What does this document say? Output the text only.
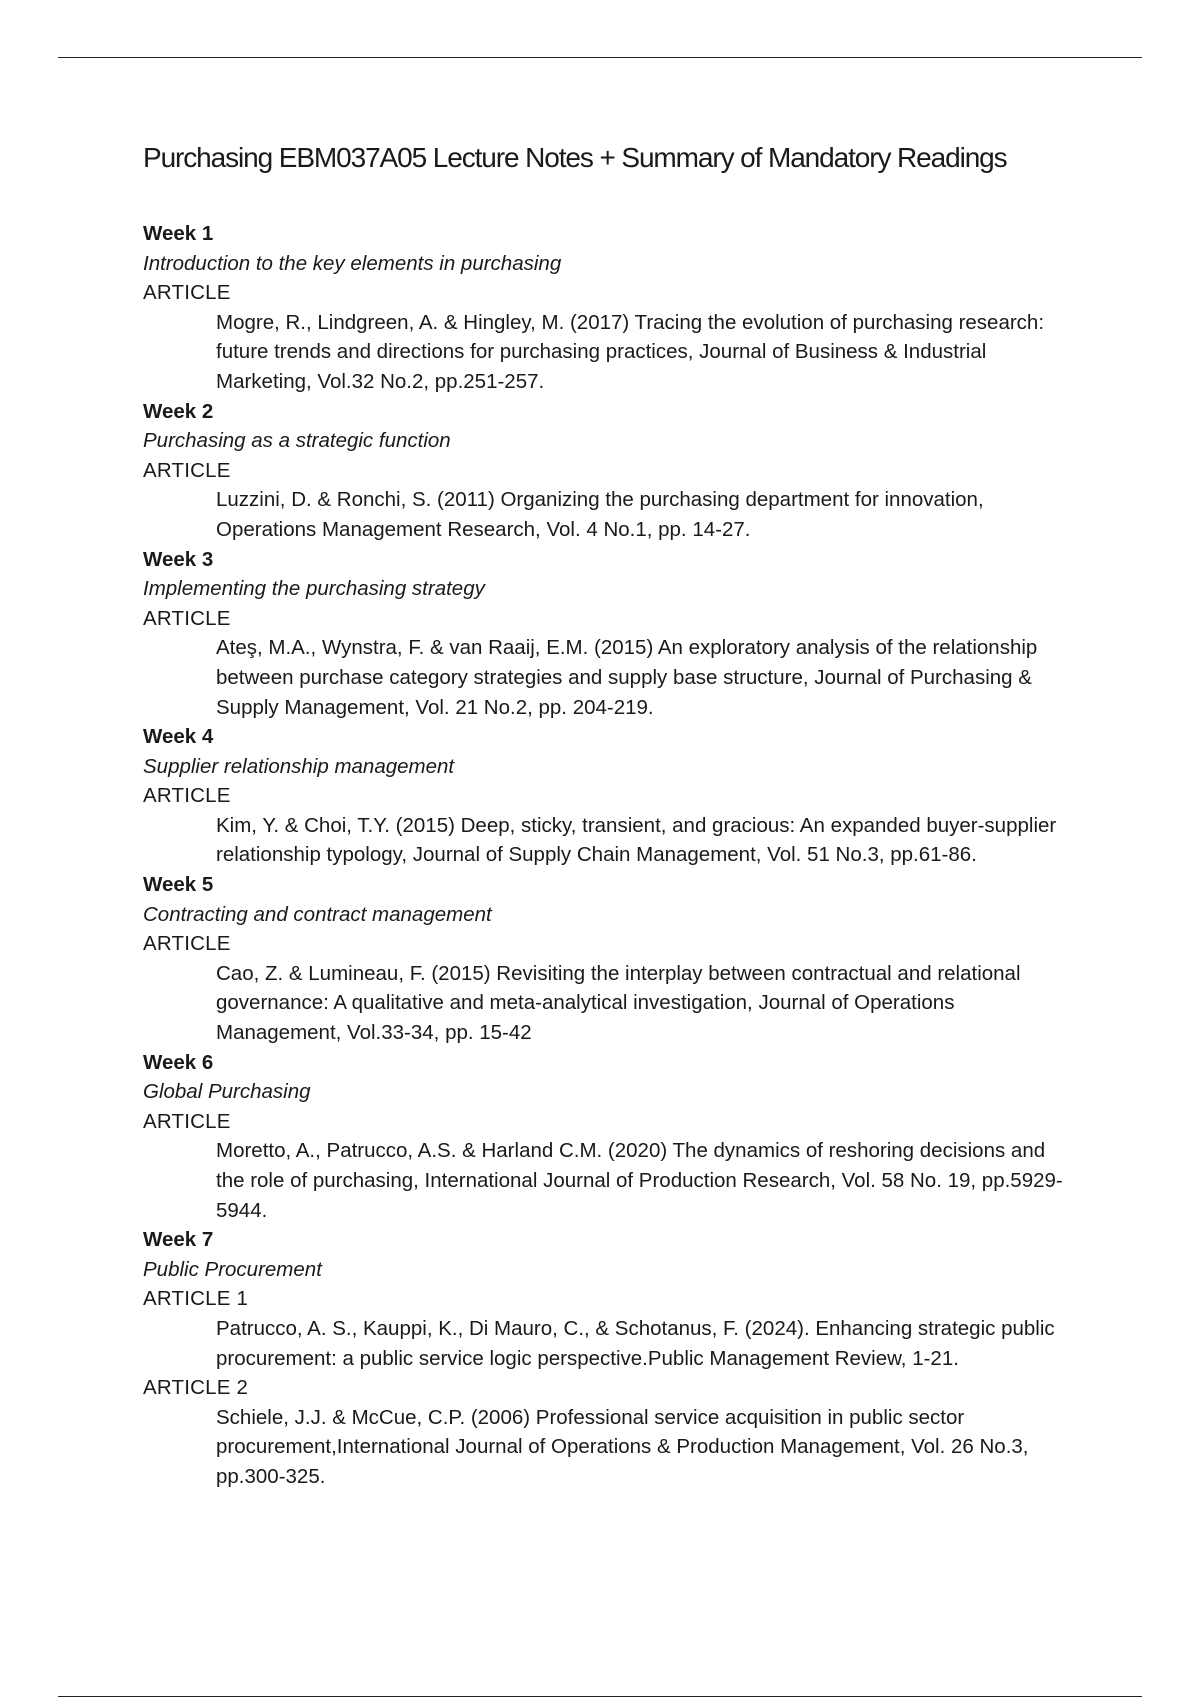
Purchasing EBM037A05 Lecture Notes + Summary of Mandatory Readings

Week 1

Introduction to the key elements in purchasing

ARTICLE

Mogre, R., Lindgreen, A. & Hingley, M. (2017) Tracing the evolution of purchasing research: future trends and directions for purchasing practices, Journal of Business & Industrial Marketing, Vol.32 No.2, pp.251-257.

Week 2

Purchasing as a strategic function

ARTICLE

Luzzini, D. & Ronchi, S. (2011) Organizing the purchasing department for innovation, Operations Management Research, Vol. 4 No.1, pp. 14-27.

Week 3

Implementing the purchasing strategy

ARTICLE

Ateş, M.A., Wynstra, F. & van Raaij, E.M. (2015) An exploratory analysis of the relationship between purchase category strategies and supply base structure, Journal of Purchasing & Supply Management, Vol. 21 No.2, pp. 204-219.

Week 4

Supplier relationship management

ARTICLE

Kim, Y. & Choi, T.Y. (2015) Deep, sticky, transient, and gracious: An expanded buyer-supplier relationship typology, Journal of Supply Chain Management, Vol. 51 No.3, pp.61-86.

Week 5

Contracting and contract management

ARTICLE

Cao, Z. & Lumineau, F. (2015) Revisiting the interplay between contractual and relational governance: A qualitative and meta-analytical investigation, Journal of Operations Management, Vol.33-34, pp. 15-42

Week 6

Global Purchasing

ARTICLE

Moretto, A., Patrucco, A.S. & Harland C.M. (2020) The dynamics of reshoring decisions and the role of purchasing, International Journal of Production Research, Vol. 58 No. 19, pp.5929-5944.

Week 7

Public Procurement

ARTICLE 1

Patrucco, A. S., Kauppi, K., Di Mauro, C., & Schotanus, F. (2024). Enhancing strategic public procurement: a public service logic perspective.Public Management Review, 1-21.

ARTICLE 2

Schiele, J.J. & McCue, C.P. (2006) Professional service acquisition in public sector procurement,International Journal of Operations & Production Management, Vol. 26 No.3, pp.300-325.
